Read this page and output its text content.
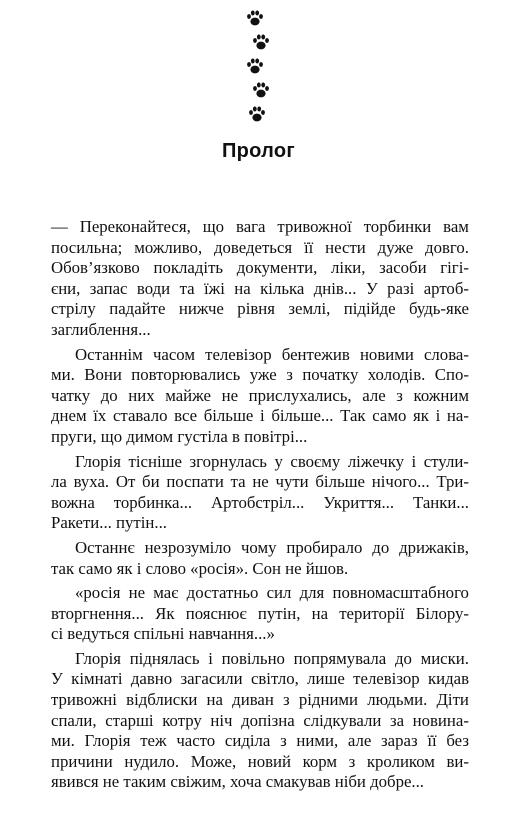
Пролог
— Переконайтеся, що вага тривожної торбинки вам
посильна; можливо, доведеться її нести дуже довго.
Обов’язково покладіть документи, ліки, засоби гігі-
єни, запас води та їжі на кілька днів... У разі артоб-
стрілу падайте нижче рівня землі, підійде будь-яке
заглиблення...
Останнім часом телевізор бентежив новими слова-
ми. Вони повторювались уже з початку холодів. Спо-
чатку до них майже не прислухались, але з кожним
днем їх ставало все більше і більше... Так само як і на-
пруги, що димом густіла в повітрі...
Глорія тісніше згорнулась у своєму ліжечку і стули-
ла вуха. От би поспати та не чути більше нічого... Три-
вожна торбинка... Артобстріл... Укриття... Танки...
Ракети... путін...
Останнє незрозуміло чому пробирало до дрижаків,
так само як і слово «росія». Сон не йшов.
«росія не має достатньо сил для повномасштабного
вторгнення... Як пояснює путін, на території Білору-
сі ведуться спільні навчання...»
Глорія піднялась і повільно попрямувала до миски.
У кімнаті давно загасили світло, лише телевізор кидав
тривожні відблиски на диван з рідними людьми. Діти
спали, старші котру ніч допізна слідкували за новина-
ми. Глорія теж часто сиділа з ними, але зараз її без
причини нудило. Може, новий корм з кроликом ви-
явився не таким свіжим, хоча смакував ніби добре...
